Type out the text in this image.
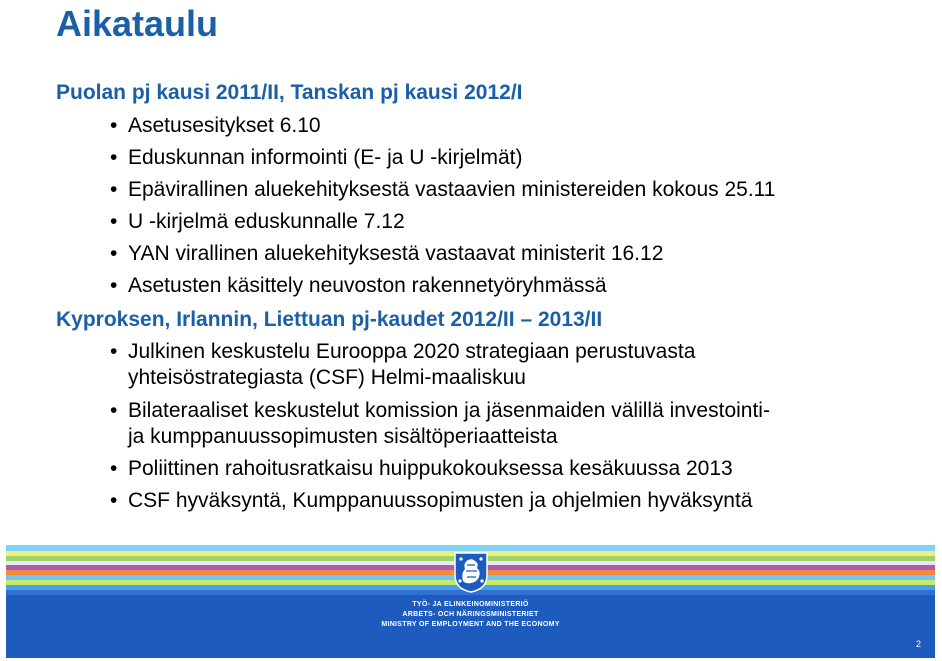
Aikataulu
Puolan pj kausi 2011/II, Tanskan pj kausi 2012/I
• Asetusesitykset 6.10
• Eduskunnan informointi (E- ja U -kirjelmät)
• Epävirallinen aluekehityksestä vastaavien ministereiden kokous 25.11
• U -kirjelmä eduskunnalle 7.12
• YAN virallinen aluekehityksestä vastaavat ministerit 16.12
• Asetusten käsittely neuvoston rakennetyöryhmässä
Kyproksen, Irlannin, Liettuan pj-kaudet 2012/II – 2013/II
• Julkinen keskustelu Eurooppa 2020 strategiaan perustuvasta
yhteisöstrategiasta (CSF) Helmi-maaliskuu
• Bilateraaliset keskustelut komission ja jäsenmaiden välillä investointi-
ja kumppanuussopimusten sisältöperiaatteista
• Poliittinen rahoitusratkaisu huippukokouksessa kesäkuussa 2013
• CSF hyväksyntä, Kumppanuussopimusten ja ohjelmien hyväksyntä
TYÖ- JA ELINKEINOMINISTERIÖ
ARBETS- OCH NÄRINGSMINISTERIET
MINISTRY OF EMPLOYMENT AND THE ECONOMY
2
